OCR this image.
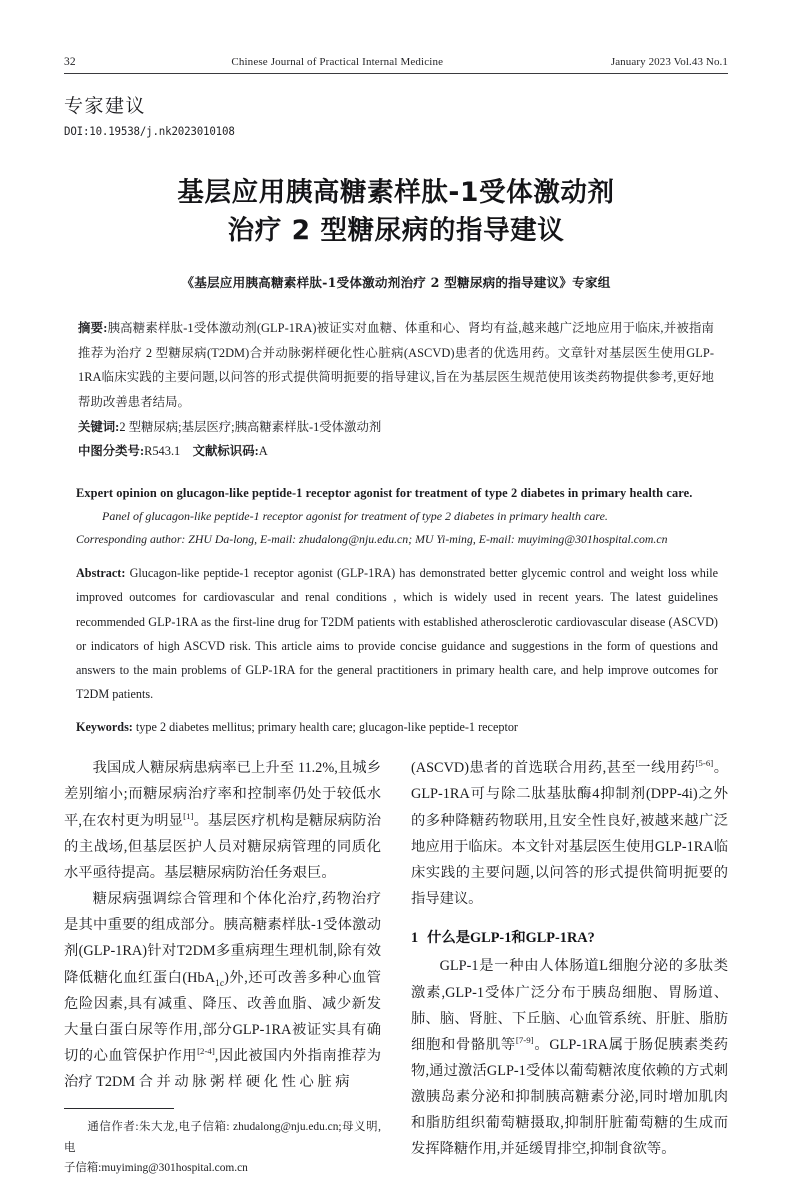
32	Chinese Journal of Practical Internal Medicine	January 2023 Vol.43 No.1
专家建议
DOI:10.19538/j.nk2023010108
基层应用胰高糖素样肽-1受体激动剂
治疗 2 型糖尿病的指导建议
《基层应用胰高糖素样肽-1受体激动剂治疗 2 型糖尿病的指导建议》专家组
摘要:胰高糖素样肽-1受体激动剂(GLP-1RA)被证实对血糖、体重和心、肾均有益,越来越广泛地应用于临床,并被指南推荐为治疗 2 型糖尿病(T2DM)合并动脉粥样硬化性心脏病(ASCVD)患者的优选用药。文章针对基层医生使用GLP-1RA临床实践的主要问题,以问答的形式提供简明扼要的指导建议,旨在为基层医生规范使用该类药物提供参考,更好地帮助改善患者结局。
关键词:2 型糖尿病;基层医疗;胰高糖素样肽-1受体激动剂
中图分类号:R543.1 文献标识码:A
Expert opinion on glucagon-like peptide-1 receptor agonist for treatment of type 2 diabetes in primary health care.
Panel of glucagon-like peptide-1 receptor agonist for treatment of type 2 diabetes in primary health care.
Corresponding author: ZHU Da-long, E-mail: zhudalong@nju.edu.cn; MU Yi-ming, E-mail: muyiming@301hospital.com.cn
Abstract: Glucagon-like peptide-1 receptor agonist (GLP-1RA) has demonstrated better glycemic control and weight loss while improved outcomes for cardiovascular and renal conditions , which is widely used in recent years. The latest guidelines recommended GLP-1RA as the first-line drug for T2DM patients with established atherosclerotic cardiovascular disease (ASCVD) or indicators of high ASCVD risk. This article aims to provide concise guidance and suggestions in the form of questions and answers to the main problems of GLP-1RA for the general practitioners in primary health care, and help improve outcomes for T2DM patients.
Keywords: type 2 diabetes mellitus; primary health care; glucagon-like peptide-1 receptor

我国成人糖尿病患病率已上升至 11.2%,且城乡差别缩小;而糖尿病治疗率和控制率仍处于较低水平,在农村更为明显[1]。基层医疗机构是糖尿病防治的主战场,但基层医护人员对糖尿病管理的同质化水平亟待提高。基层糖尿病防治任务艰巨。

糖尿病强调综合管理和个体化治疗,药物治疗是其中重要的组成部分。胰高糖素样肽-1受体激动剂(GLP-1RA)针对T2DM多重病理生理机制,除有效降低糖化血红蛋白(HbA$_{1c}$)外,还可改善多种心血管危险因素,具有减重、降压、改善血脂、减少新发大量白蛋白尿等作用,部分GLP-1RA被证实具有确切的心血管保护作用[2-4],因此被国内外指南推荐为治疗 T2DM 合 并 动 脉 粥 样 硬 化 性 心 脏 病

通信作者:朱大龙,电子信箱: zhudalong@nju.edu.cn;母义明,电
子信箱:muyiming@301hospital.com.cn

(ASCVD)患者的首选联合用药,甚至一线用药[5-6]。GLP-1RA可与除二肽基肽酶4抑制剂(DPP-4i)之外的多种降糖药物联用,且安全性良好,被越来越广泛地应用于临床。本文针对基层医生使用GLP-1RA临床实践的主要问题,以问答的形式提供简明扼要的指导建议。

1 什么是GLP-1和GLP-1RA?

GLP-1是一种由人体肠道L细胞分泌的多肽类激素,GLP-1受体广泛分布于胰岛细胞、胃肠道、肺、脑、肾脏、下丘脑、心血管系统、肝脏、脂肪细胞和骨骼肌等[7-9]。GLP-1RA属于肠促胰素类药物,通过激活GLP-1受体以葡萄糖浓度依赖的方式刺激胰岛素分泌和抑制胰高糖素分泌,同时增加肌肉和脂肪组织葡萄糖摄取,抑制肝脏葡萄糖的生成而发挥降糖作用,并延缓胃排空,抑制食欲等。
